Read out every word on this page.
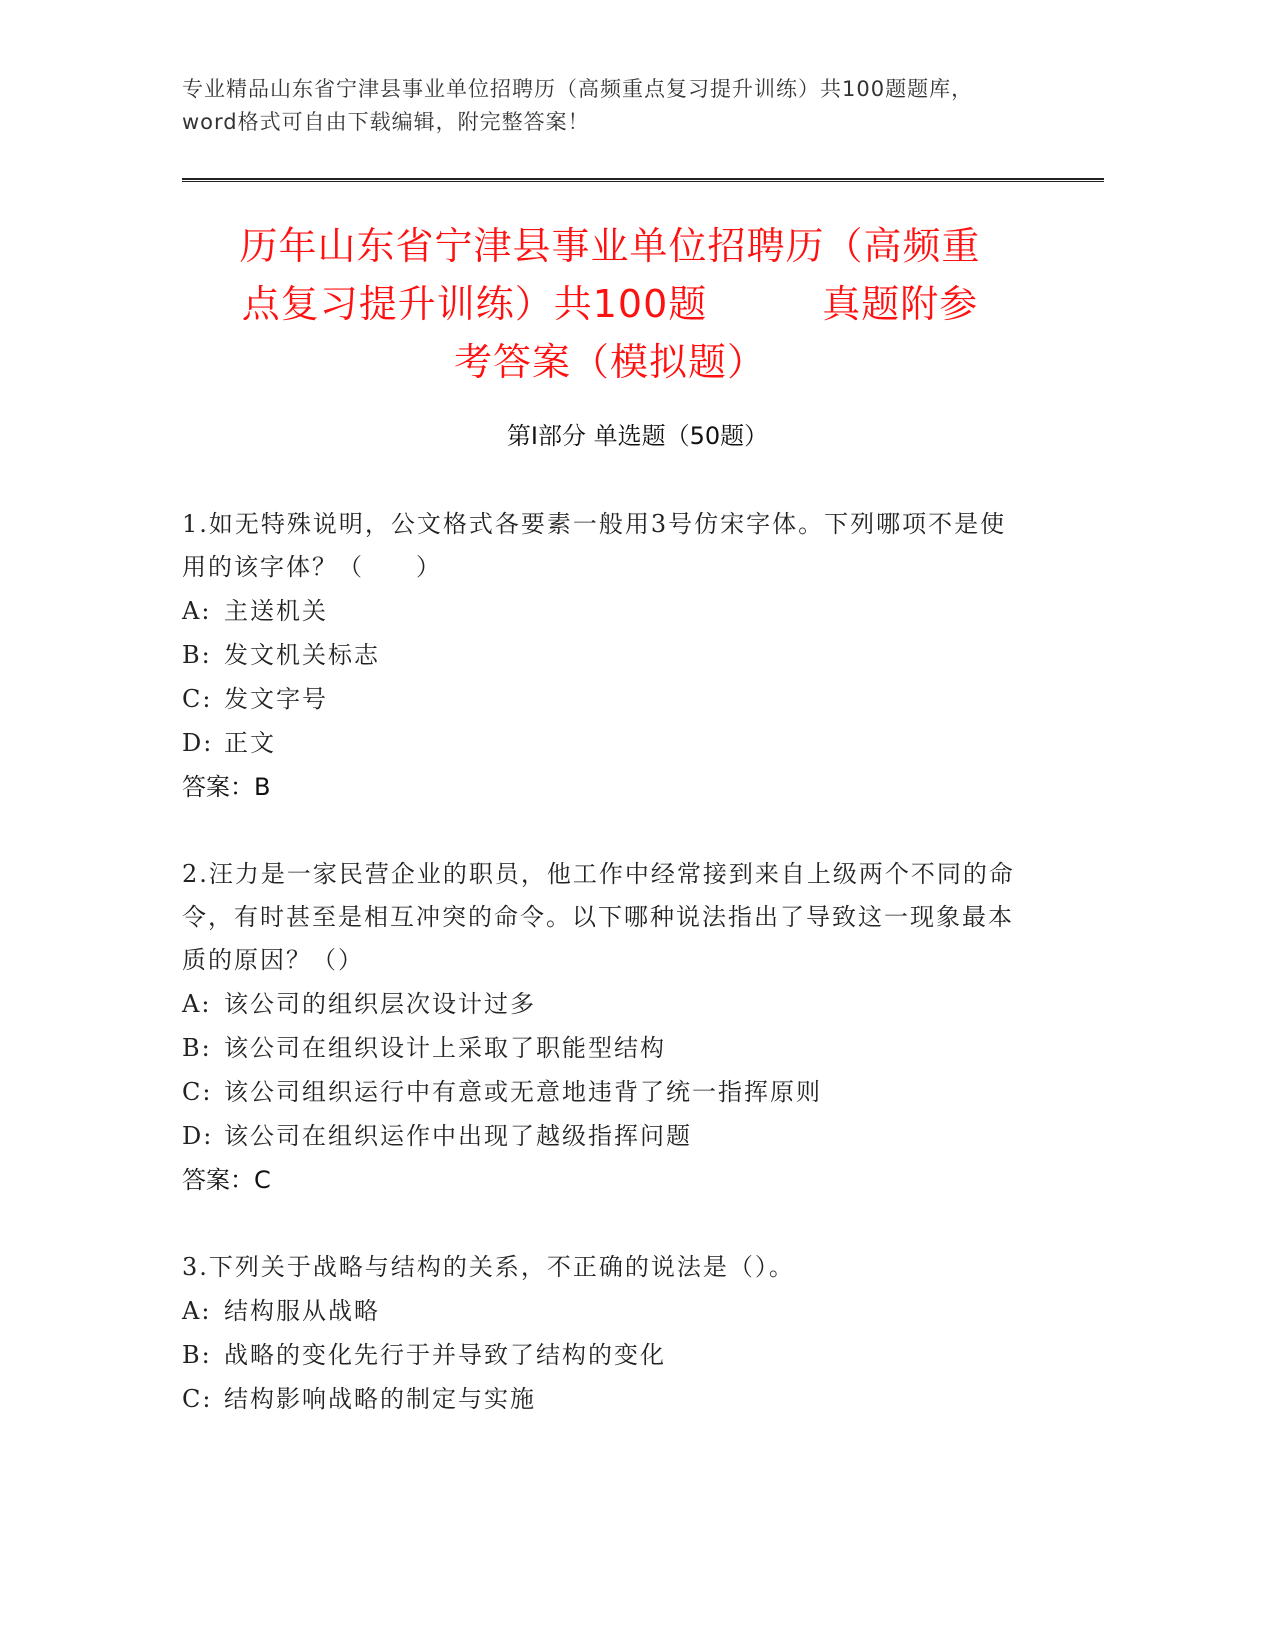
专业精品山东省宁津县事业单位招聘历（高频重点复习提升训练）共100题题库，word格式可自由下载编辑，附完整答案！
历年山东省宁津县事业单位招聘历（高频重
点复习提升训练）共100题	真题附参
考答案（模拟题）
第Ⅰ部分 单选题（50题）
1.如无特殊说明，公文格式各要素一般用3号仿宋字体。下列哪项不是使用的该字体？（　　）
A: 主送机关
B: 发文机关标志
C: 发文字号
D: 正文
答案：B
2.汪力是一家民营企业的职员，他工作中经常接到来自上级两个不同的命令，有时甚至是相互冲突的命令。以下哪种说法指出了导致这一现象最本质的原因？（）
A: 该公司的组织层次设计过多
B: 该公司在组织设计上采取了职能型结构
C: 该公司组织运行中有意或无意地违背了统一指挥原则
D: 该公司在组织运作中出现了越级指挥问题
答案：C
3.下列关于战略与结构的关系，不正确的说法是（）。
A: 结构服从战略
B: 战略的变化先行于并导致了结构的变化
C: 结构影响战略的制定与实施
